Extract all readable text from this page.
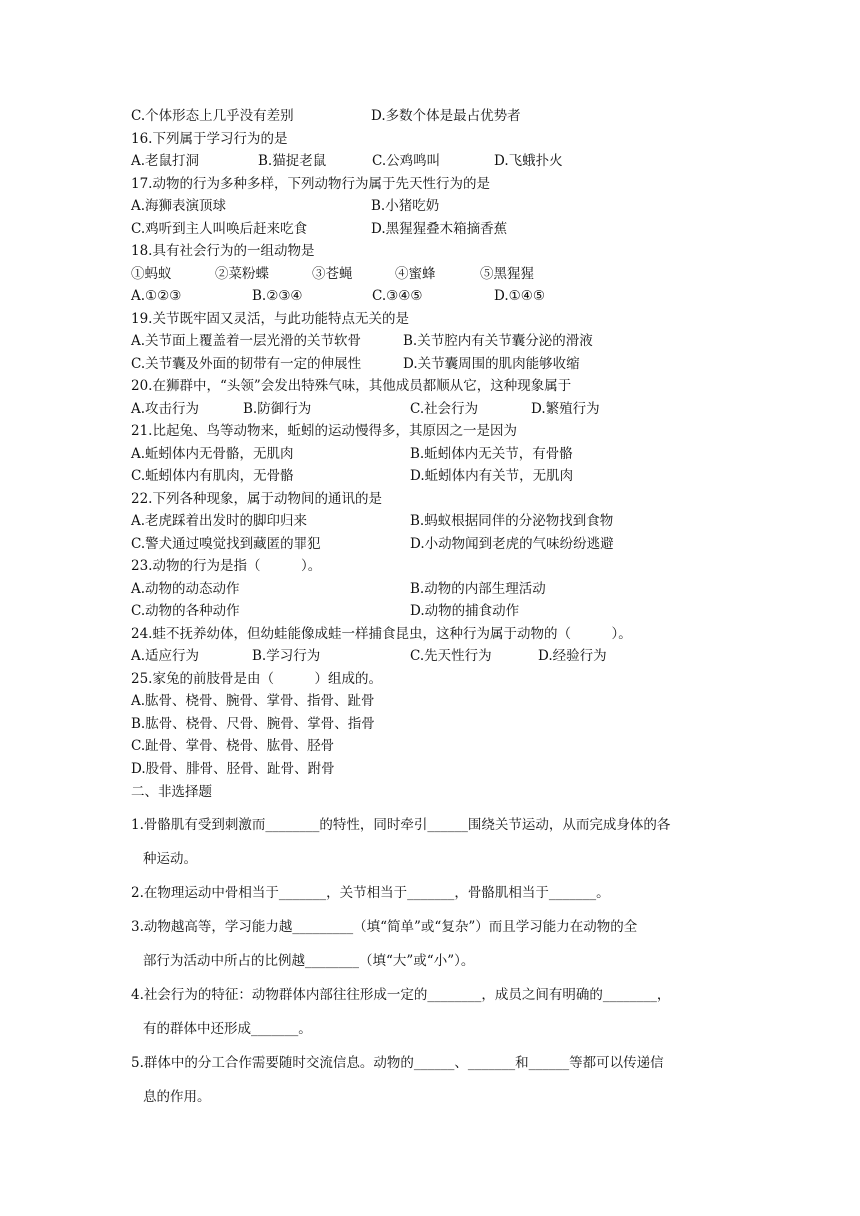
C.个体形态上几乎没有差别	D.多数个体是最占优势者
16.下列属于学习行为的是
A.老鼠打洞	B.猫捉老鼠	C.公鸡鸣叫	D.飞蛾扑火
17.动物的行为多种多样，下列动物行为属于先天性行为的是
A.海狮表演顶球	B.小猪吃奶
C.鸡听到主人叫唤后赶来吃食	D.黑猩猩叠木箱摘香蕉
18.具有社会行为的一组动物是
①蚂蚁	②菜粉蝶	③苍蝇	④蜜蜂	⑤黑猩猩
A.①②③	B.②③④	C.③④⑤	D.①④⑤
19.关节既牢固又灵活，与此功能特点无关的是
A.关节面上覆盖着一层光滑的关节软骨	B.关节腔内有关节囊分泌的滑液
C.关节囊及外面的韧带有一定的伸展性	D.关节囊周围的肌肉能够收缩
20.在狮群中，“头领”会发出特殊气味，其他成员都顺从它，这种现象属于
A.攻击行为	B.防御行为	C.社会行为	D.繁殖行为
21.比起兔、鸟等动物来，蚯蚓的运动慢得多，其原因之一是因为
A.蚯蚓体内无骨骼，无肌肉	B.蚯蚓体内无关节，有骨骼
C.蚯蚓体内有肌肉，无骨骼	D.蚯蚓体内有关节，无肌肉
22.下列各种现象，属于动物间的通讯的是
A.老虎踩着出发时的脚印归来	B.蚂蚁根据同伴的分泌物找到食物
C.警犬通过嗅觉找到藏匿的罪犯	D.小动物闻到老虎的气味纷纷逃避
23.动物的行为是指（　　　）。
A.动物的动态动作	B.动物的内部生理活动
C.动物的各种动作	D.动物的捕食动作
24.蛙不抚养幼体，但幼蛙能像成蛙一样捕食昆虫，这种行为属于动物的（　　　）。
A.适应行为	B.学习行为	C.先天性行为	D.经验行为
25.家兔的前肢骨是由（　　　）组成的。
A.肱骨、桡骨、腕骨、掌骨、指骨、趾骨
B.肱骨、桡骨、尺骨、腕骨、掌骨、指骨
C.趾骨、掌骨、桡骨、肱骨、胫骨
D.股骨、腓骨、胫骨、趾骨、跗骨
二、非选择题
1.骨骼肌有受到刺激而________的特性，同时牵引______围绕关节运动，从而完成身体的各
种运动。
2.在物理运动中骨相当于_______，关节相当于_______，骨骼肌相当于_______。
3.动物越高等，学习能力越_________（填“简单”或“复杂”）而且学习能力在动物的全
部行为活动中所占的比例越________（填“大”或“小”）。
4.社会行为的特征：动物群体内部往往形成一定的________，成员之间有明确的________，
有的群体中还形成_______。
5.群体中的分工合作需要随时交流信息。动物的______、_______和______等都可以传递信
息的作用。
